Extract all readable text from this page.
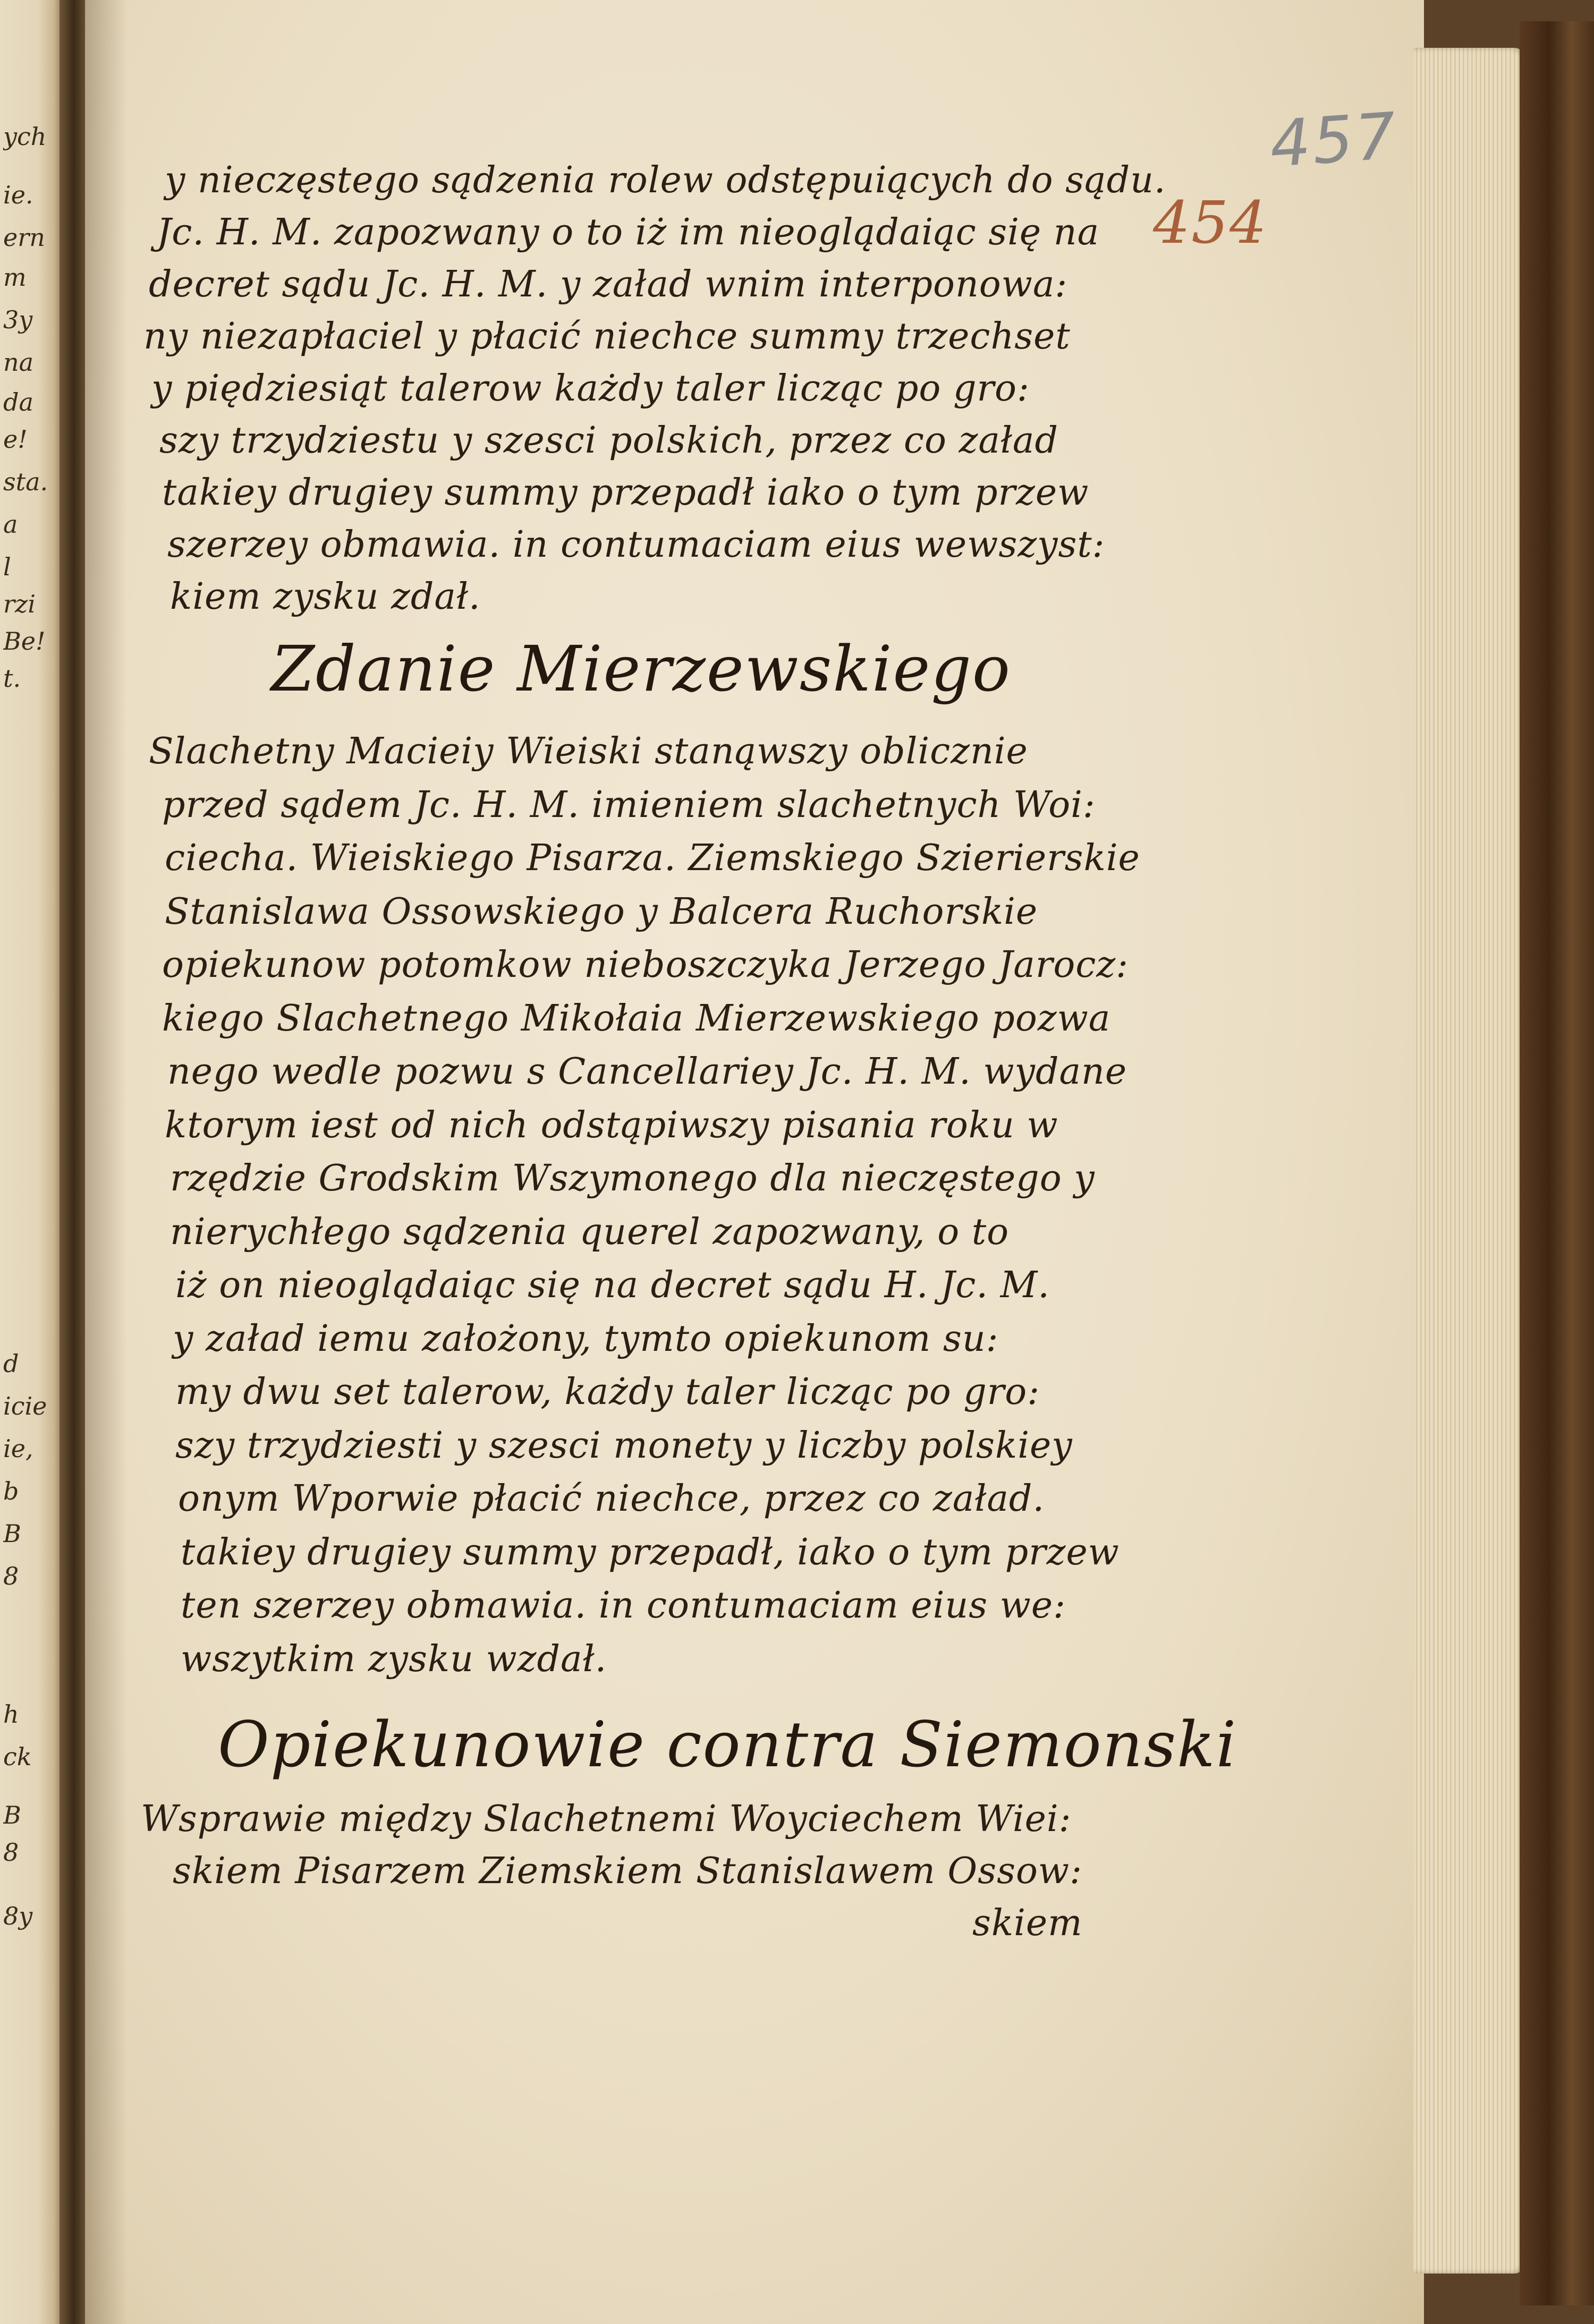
ych
ie.
ern
m
3y
na
da
e!
sta.
a
l
rzi
Be!
t.
d
icie
ie,
b
B
8
h
ck
B
8
8y
457
454
y nieczęstego sądzenia rolew odstępuiących do sądu.
Jc. H. M. zapozwany o to iż im nieoglądaiąc się na
decret sądu Jc. H. M. y załad wnim interponowa:
ny niezapłaciel y płacić niechce summy trzechset
y piędziesiąt talerow każdy taler licząc po gro:
szy trzydziestu y szesci polskich, przez co załad
takiey drugiey summy przepadł iako o tym przew
szerzey obmawia. in contumaciam eius wewszyst:
kiem zysku zdał.
Zdanie Mierzewskiego
Slachetny Macieiy Wieiski stanąwszy oblicznie
przed sądem Jc. H. M. imieniem slachetnych Woi:
ciecha. Wieiskiego Pisarza. Ziemskiego Szierierskie
Stanislawa Ossowskiego y Balcera Ruchorskie
opiekunow potomkow nieboszczyka Jerzego Jarocz:
kiego Slachetnego Mikołaia Mierzewskiego pozwa
nego wedle pozwu s Cancellariey Jc. H. M. wydane
ktorym iest od nich odstąpiwszy pisania roku w
rzędzie Grodskim Wszymonego dla nieczęstego y
nierychłego sądzenia querel zapozwany, o to
iż on nieoglądaiąc się na decret sądu H. Jc. M.
y załad iemu założony, tymto opiekunom su:
my dwu set talerow, każdy taler licząc po gro:
szy trzydziesti y szesci monety y liczby polskiey
onym Wporwie płacić niechce, przez co załad.
takiey drugiey summy przepadł, iako o tym przew
ten szerzey obmawia. in contumaciam eius we:
wszytkim zysku wzdał.
Opiekunowie contra Siemonski
Wsprawie między Slachetnemi Woyciechem Wiei:
skiem Pisarzem Ziemskiem Stanislawem Ossow:
skiem
